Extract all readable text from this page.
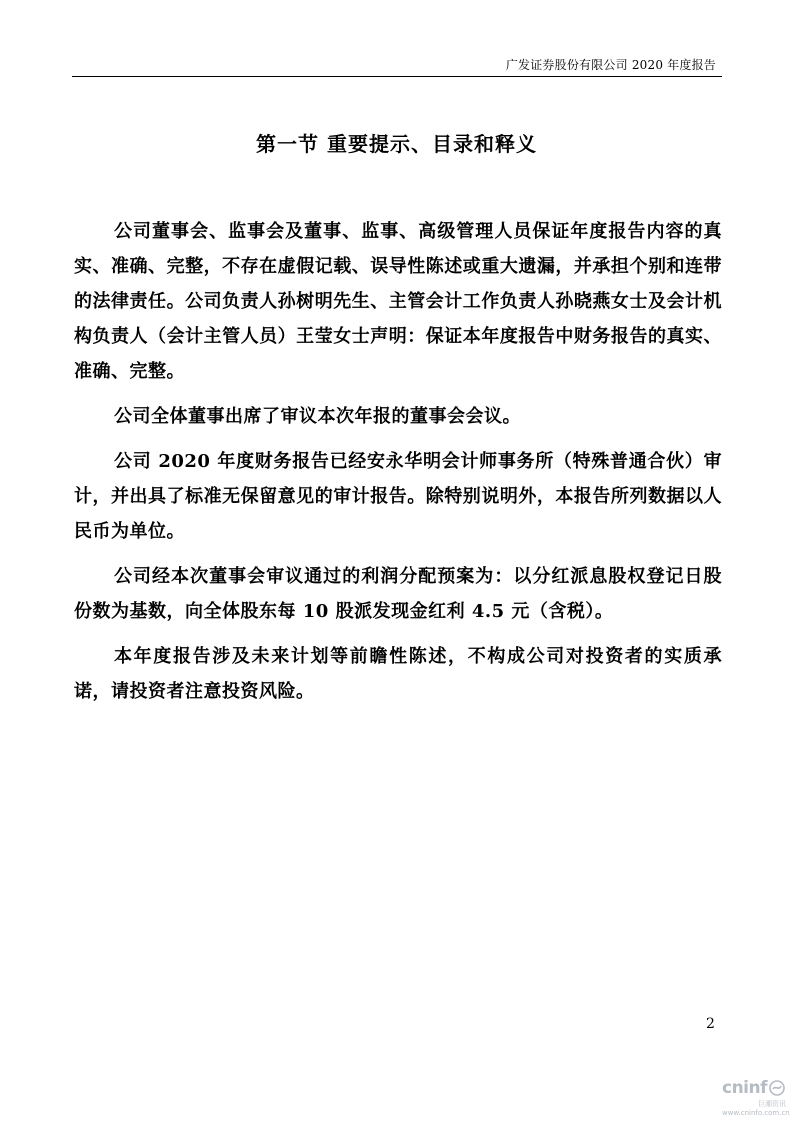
广发证券股份有限公司 2020 年度报告
第一节 重要提示、目录和释义

公司董事会、监事会及董事、监事、高级管理人员保证年度报告内容的真实、准确、完整，不存在虚假记载、误导性陈述或重大遗漏，并承担个别和连带的法律责任。公司负责人孙树明先生、主管会计工作负责人孙晓燕女士及会计机构负责人（会计主管人员）王莹女士声明：保证本年度报告中财务报告的真实、准确、完整。

公司全体董事出席了审议本次年报的董事会会议。

公司 2020 年度财务报告已经安永华明会计师事务所（特殊普通合伙）审计，并出具了标准无保留意见的审计报告。除特别说明外，本报告所列数据以人民币为单位。

公司经本次董事会审议通过的利润分配预案为：以分红派息股权登记日股份数为基数，向全体股东每 10 股派发现金红利 4.5 元（含税）。

本年度报告涉及未来计划等前瞻性陈述，不构成公司对投资者的实质承诺，请投资者注意投资风险。

2
cninf
巨潮资讯
www.cninfo.com.cn
